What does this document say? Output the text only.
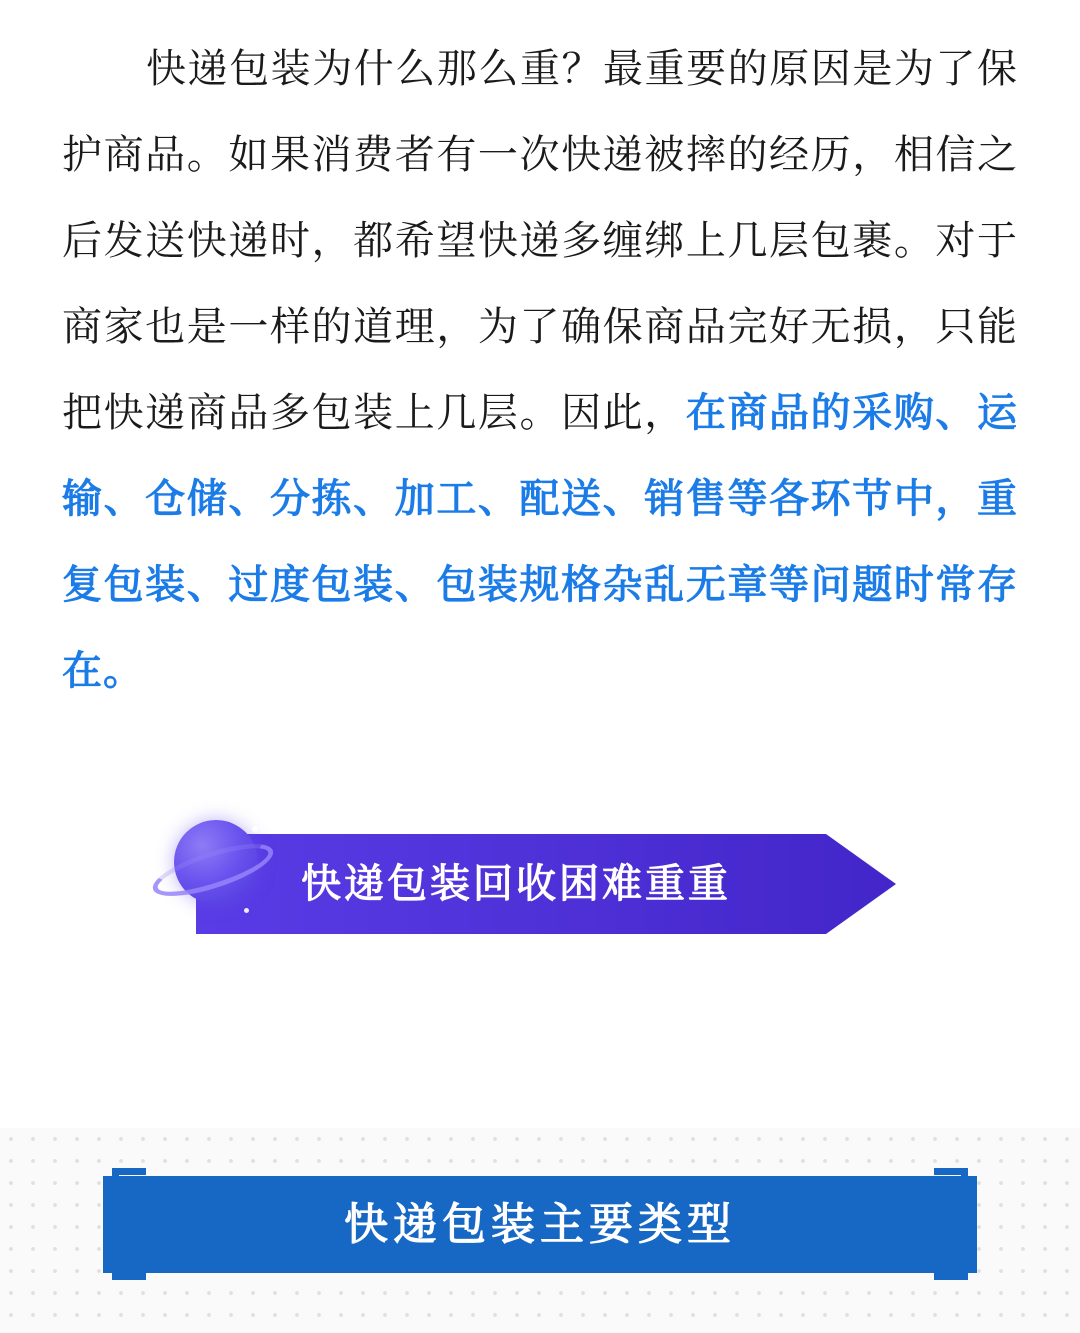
快递包装为什么那么重？最重要的原因是为了保护商品。如果消费者有一次快递被摔的经历，相信之后发送快递时，都希望快递多缠绑上几层包裹。对于商家也是一样的道理，为了确保商品完好无损，只能把快递商品多包装上几层。因此，在商品的采购、运输、仓储、分拣、加工、配送、销售等各环节中，重复包装、过度包装、包装规格杂乱无章等问题时常存在。

快递包装回收困难重重
快递包装主要类型
